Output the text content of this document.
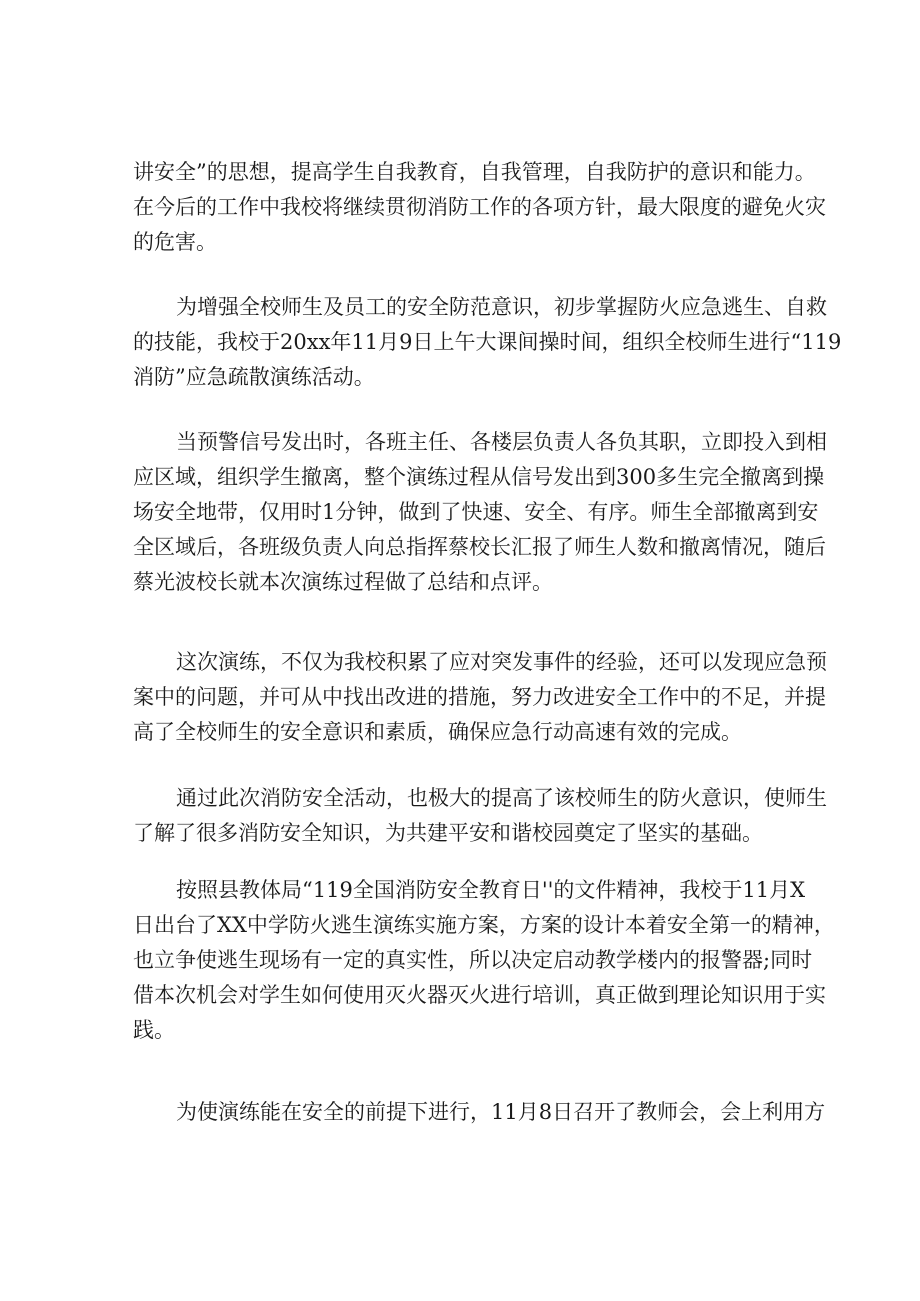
讲安全”的思想，提高学生自我教育，自我管理，自我防护的意识和能力。
在今后的工作中我校将继续贯彻消防工作的各项方针，最大限度的避免火灾
的危害。
为增强全校师生及员工的安全防范意识，初步掌握防火应急逃生、自救
的技能，我校于20xx年11月9日上午大课间操时间，组织全校师生进行“119
消防”应急疏散演练活动。
当预警信号发出时，各班主任、各楼层负责人各负其职，立即投入到相
应区域，组织学生撤离，整个演练过程从信号发出到300多生完全撤离到操
场安全地带，仅用时1分钟，做到了快速、安全、有序。师生全部撤离到安
全区域后，各班级负责人向总指挥蔡校长汇报了师生人数和撤离情况，随后
蔡光波校长就本次演练过程做了总结和点评。
这次演练，不仅为我校积累了应对突发事件的经验，还可以发现应急预
案中的问题，并可从中找出改进的措施，努力改进安全工作中的不足，并提
高了全校师生的安全意识和素质，确保应急行动高速有效的完成。
通过此次消防安全活动，也极大的提高了该校师生的防火意识，使师生
了解了很多消防安全知识，为共建平安和谐校园奠定了坚实的基础。
按照县教体局“119全国消防安全教育日''的文件精神，我校于11月X
日出台了XX中学防火逃生演练实施方案，方案的设计本着安全第一的精神，
也立争使逃生现场有一定的真实性，所以决定启动教学楼内的报警器;同时
借本次机会对学生如何使用灭火器灭火进行培训，真正做到理论知识用于实
践。
为使演练能在安全的前提下进行，11月8日召开了教师会，会上利用方
